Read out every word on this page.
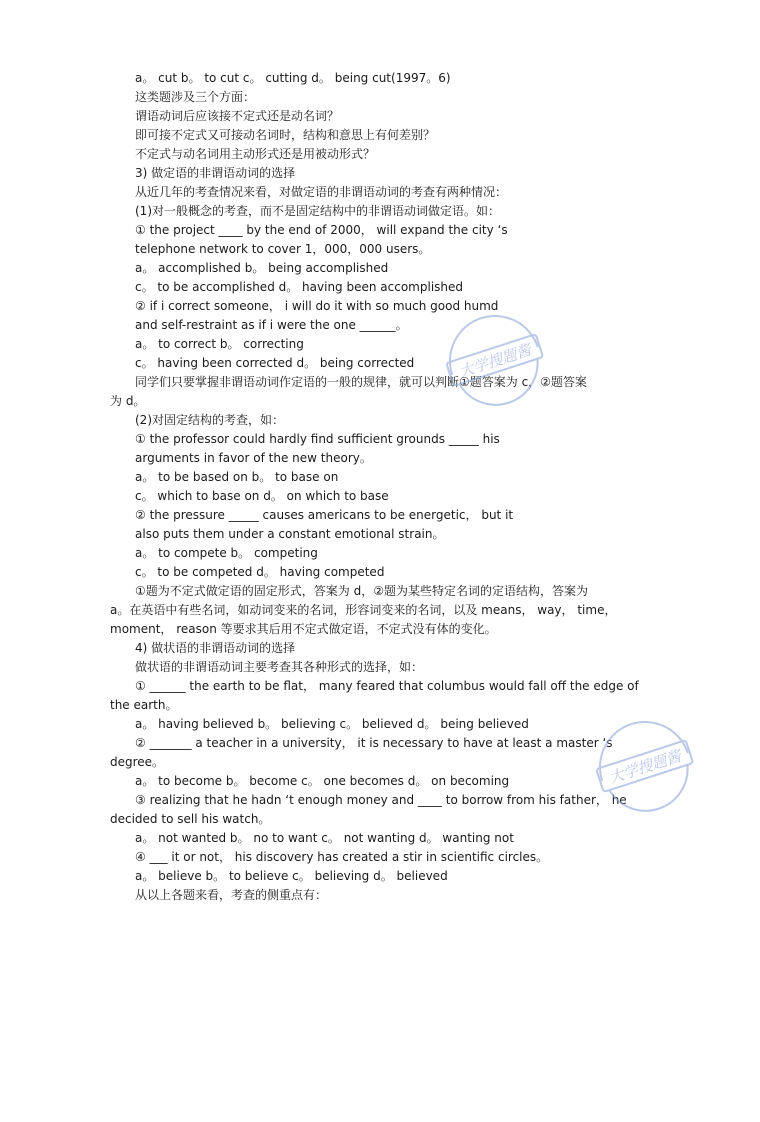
a。 cut b。 to cut c。 cutting d。 being cut(1997。6)
这类题涉及三个方面：
谓语动词后应该接不定式还是动名词？
即可接不定式又可接动名词时，结构和意思上有何差别？
不定式与动名词用主动形式还是用被动形式？
3) 做定语的非谓语动词的选择
从近几年的考查情况来看，对做定语的非谓语动词的考查有两种情况：
(1)对一般概念的考查，而不是固定结构中的非谓语动词做定语。如：
① the project ____ by the end of 2000， will expand the city ‘s
telephone network to cover 1，000，000 users。
a。 accomplished b。 being accomplished
c。 to be accomplished d。 having been accomplished
② if i correct someone， i will do it with so much good humd
and self-restraint as if i were the one ______。
a。 to correct b。 correcting
c。 having been corrected d。 being corrected
同学们只要掌握非谓语动词作定语的一般的规律，就可以判断①题答案为 c，②题答案
为 d。
(2)对固定结构的考查，如：
① the professor could hardly find sufficient grounds _____ his
arguments in favor of the new theory。
a。 to be based on b。 to base on
c。 which to base on d。 on which to base
② the pressure _____ causes americans to be energetic， but it
also puts them under a constant emotional strain。
a。 to compete b。 competing
c。 to be competed d。 having competed
①题为不定式做定语的固定形式，答案为 d，②题为某些特定名词的定语结构，答案为
a。在英语中有些名词，如动词变来的名词，形容词变来的名词，以及 means， way， time，
moment， reason 等要求其后用不定式做定语，不定式没有体的变化。
4) 做状语的非谓语动词的选择
做状语的非谓语动词主要考查其各种形式的选择，如：
① ______ the earth to be flat， many feared that columbus would fall off the edge of
the earth。
a。 having believed b。 believing c。 believed d。 being believed
② _______ a teacher in a university， it is necessary to have at least a master ‘s
degree。
a。 to become b。 become c。 one becomes d。 on becoming
③ realizing that he hadn ‘t enough money and ____ to borrow from his father， he
decided to sell his watch。
a。 not wanted b。 no to want c。 not wanting d。 wanting not
④ ___ it or not， his discovery has created a stir in scientific circles。
a。 believe b。 to believe c。 believing d。 believed
从以上各题来看，考查的侧重点有：
大学搜题酱
大学搜题酱
